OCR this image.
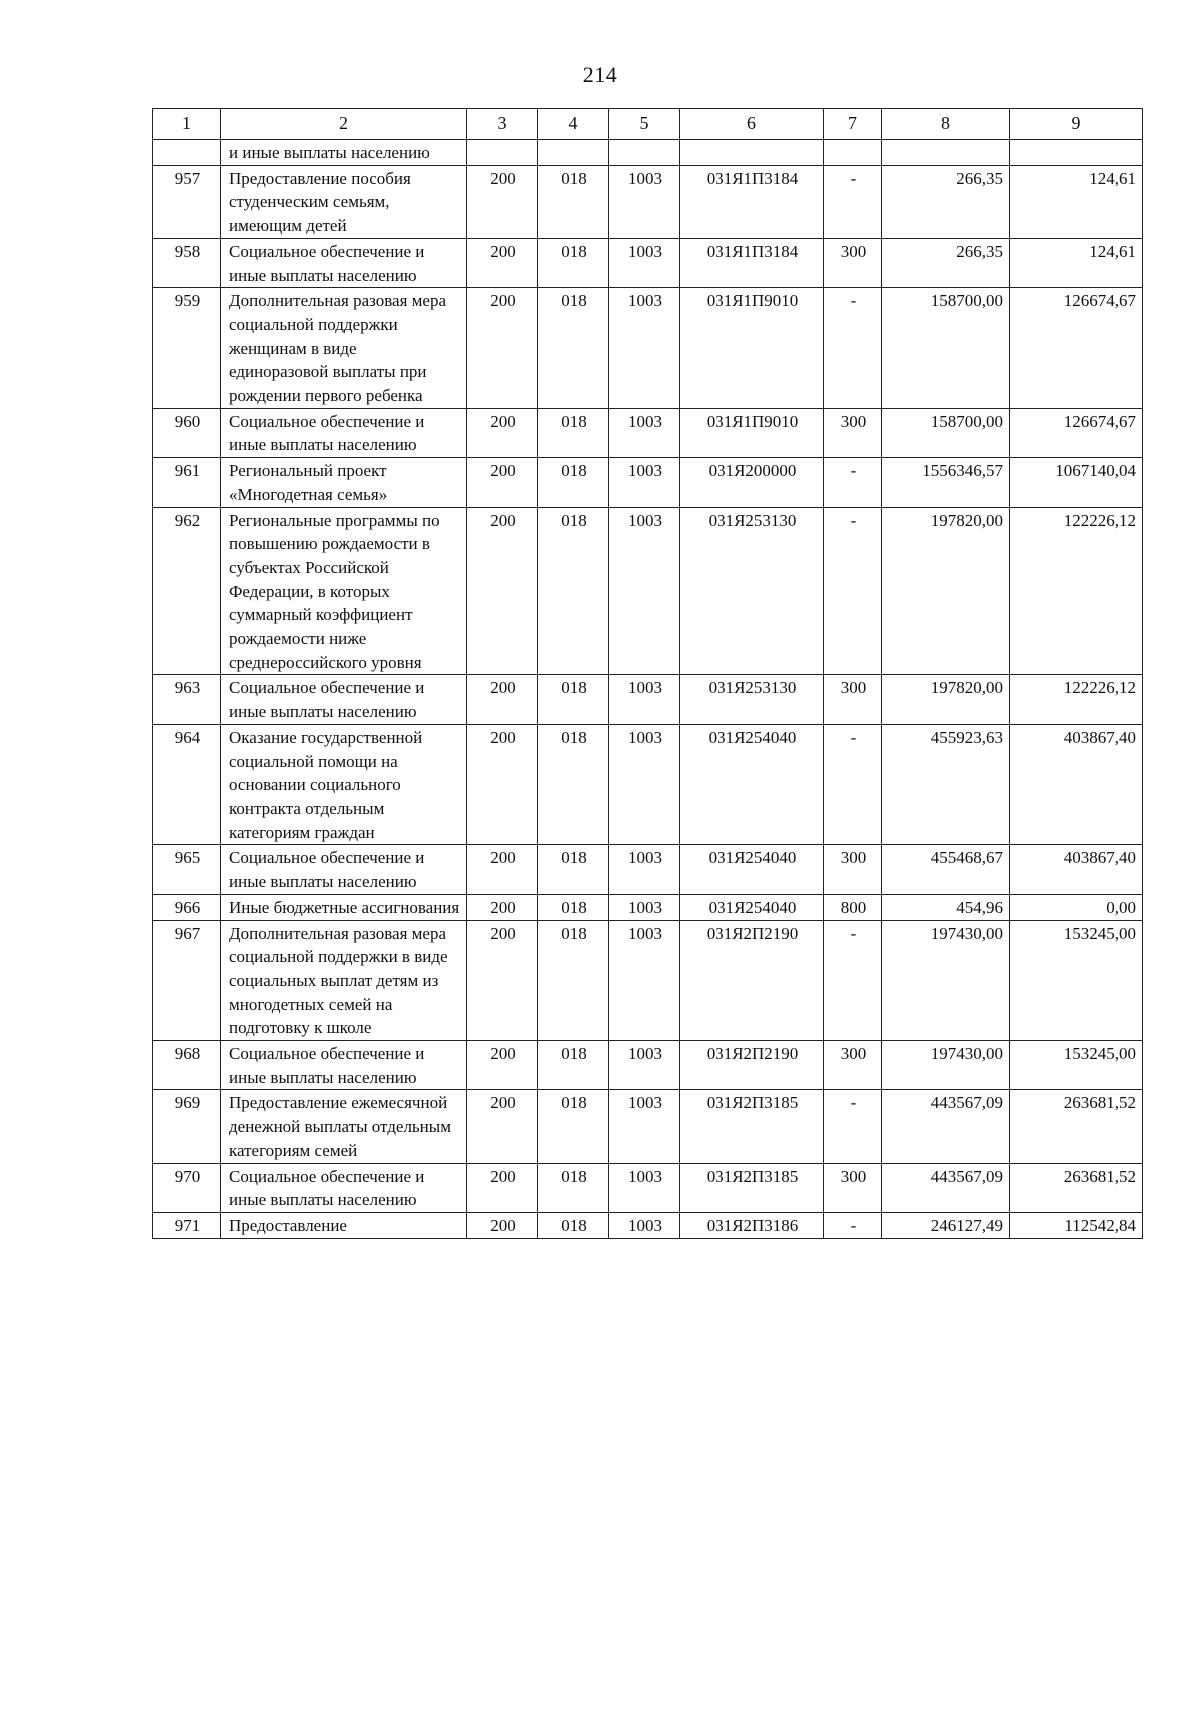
214
1	2	3	4	5	6	7	8	9
	и иные выплаты населению							
957	Предоставление пособия студенческим семьям, имеющим детей	200	018	1003	031Я1П3184	-	266,35	124,61
958	Социальное обеспечение и иные выплаты населению	200	018	1003	031Я1П3184	300	266,35	124,61
959	Дополнительная разовая мера социальной поддержки женщинам в виде единоразовой выплаты при рождении первого ребенка	200	018	1003	031Я1П9010	-	158700,00	126674,67
960	Социальное обеспечение и иные выплаты населению	200	018	1003	031Я1П9010	300	158700,00	126674,67
961	Региональный проект «Многодетная семья»	200	018	1003	031Я200000	-	1556346,57	1067140,04
962	Региональные программы по повышению рождаемости в субъектах Российской Федерации, в которых суммарный коэффициент рождаемости ниже среднероссийского уровня	200	018	1003	031Я253130	-	197820,00	122226,12
963	Социальное обеспечение и иные выплаты населению	200	018	1003	031Я253130	300	197820,00	122226,12
964	Оказание государственной социальной помощи на основании социального контракта отдельным категориям граждан	200	018	1003	031Я254040	-	455923,63	403867,40
965	Социальное обеспечение и иные выплаты населению	200	018	1003	031Я254040	300	455468,67	403867,40
966	Иные бюджетные ассигнования	200	018	1003	031Я254040	800	454,96	0,00
967	Дополнительная разовая мера социальной поддержки в виде социальных выплат детям из многодетных семей на подготовку к школе	200	018	1003	031Я2П2190	-	197430,00	153245,00
968	Социальное обеспечение и иные выплаты населению	200	018	1003	031Я2П2190	300	197430,00	153245,00
969	Предоставление ежемесячной денежной выплаты отдельным категориям семей	200	018	1003	031Я2П3185	-	443567,09	263681,52
970	Социальное обеспечение и иные выплаты населению	200	018	1003	031Я2П3185	300	443567,09	263681,52
971	Предоставление	200	018	1003	031Я2П3186	-	246127,49	112542,84
